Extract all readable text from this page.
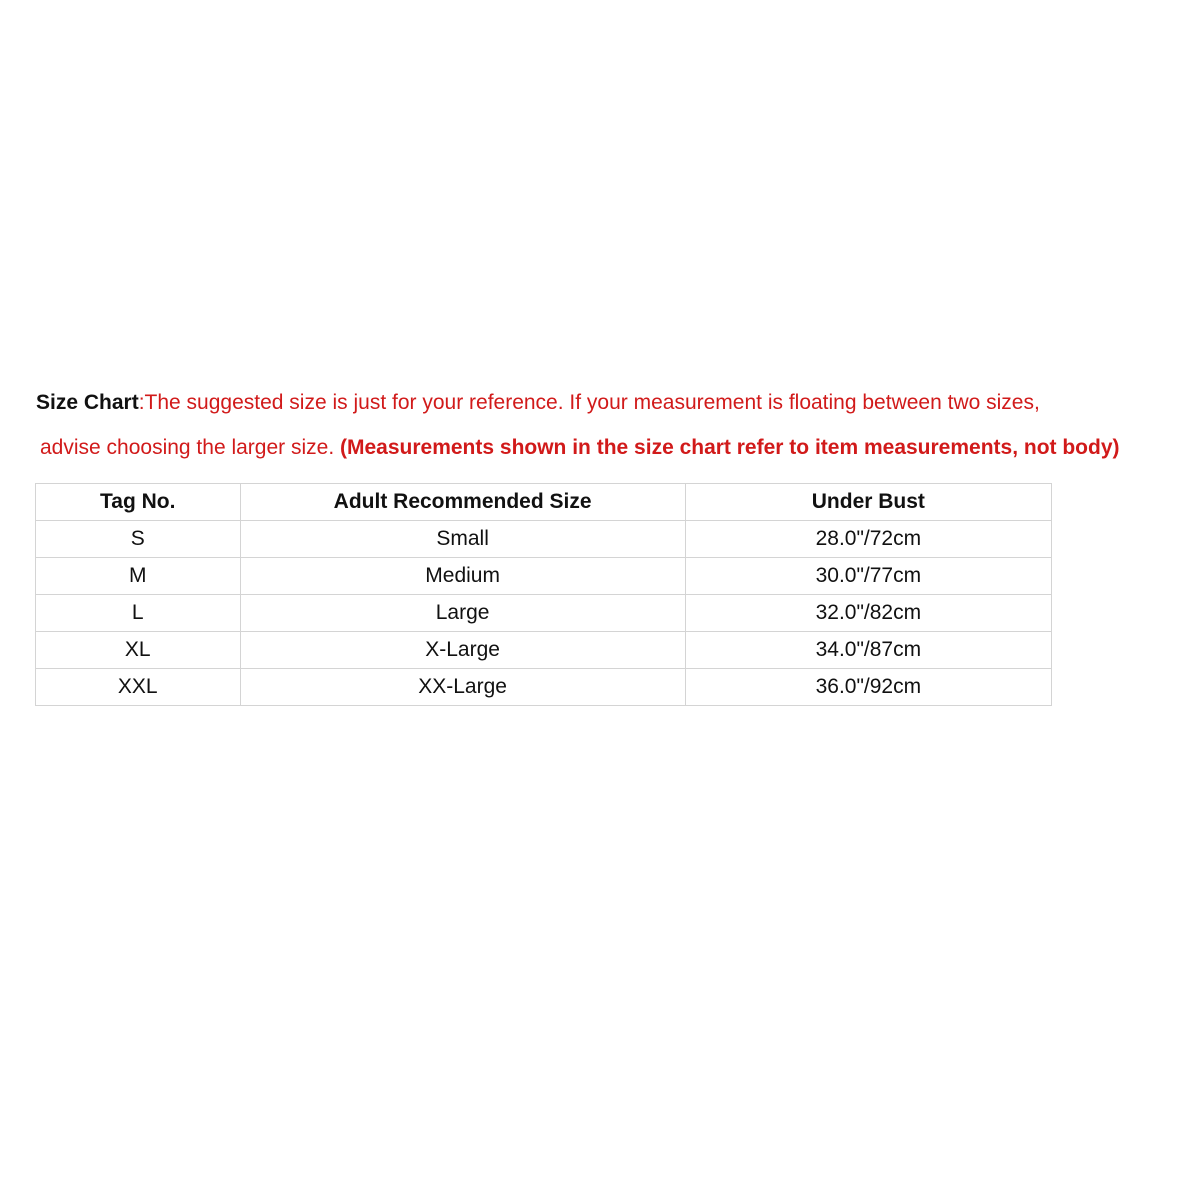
Size Chart:The suggested size is just for your reference. If your measurement is floating between two sizes,
advise choosing the larger size. (Measurements shown in the size chart refer to item measurements, not body)
Tag No.	Adult Recommended Size	Under Bust
S	Small	28.0"/72cm
M	Medium	30.0"/77cm
L	Large	32.0"/82cm
XL	X-Large	34.0"/87cm
XXL	XX-Large	36.0"/92cm
